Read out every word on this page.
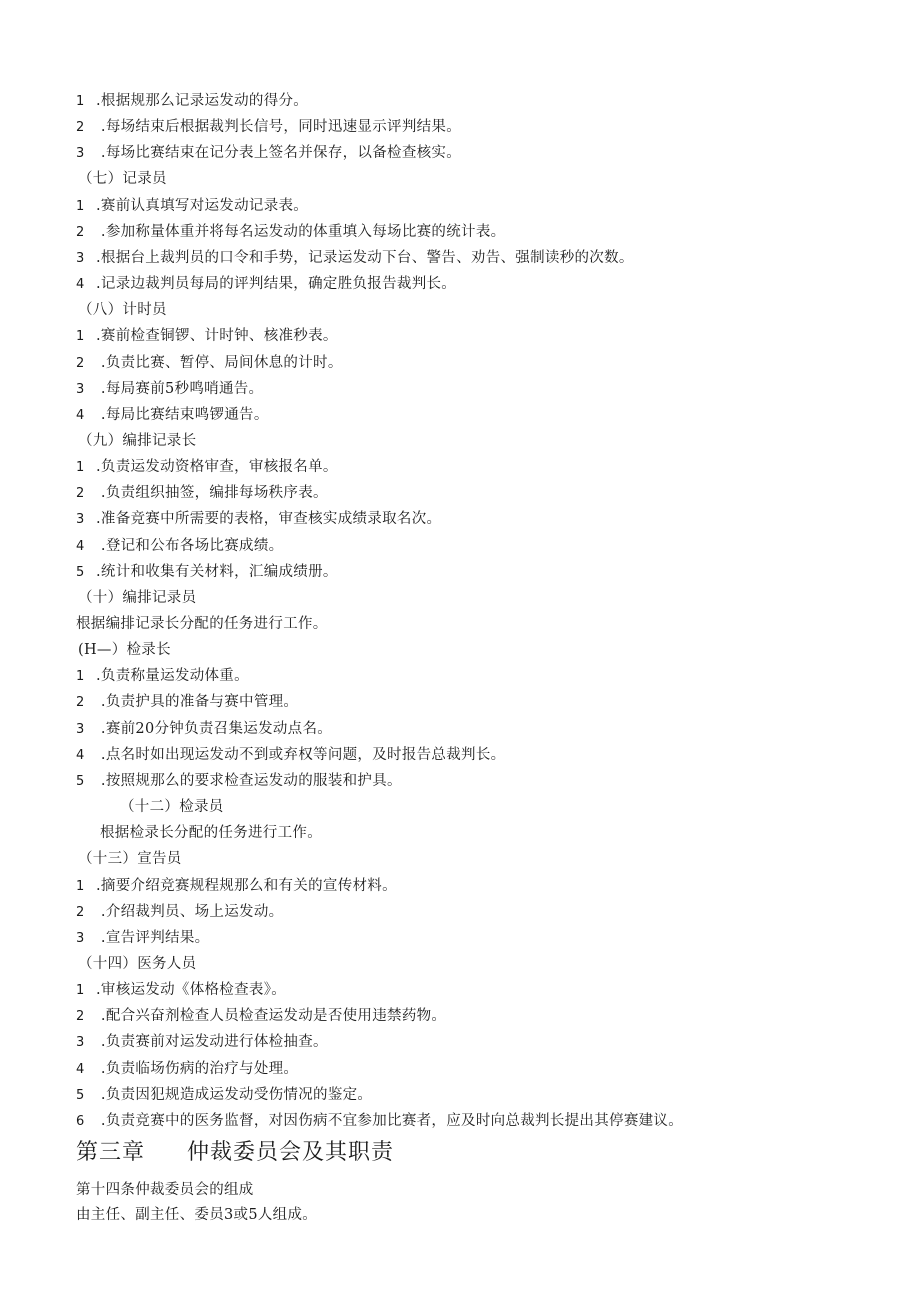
1 .根据规那么记录运发动的得分。
2 .每场结束后根据裁判长信号，同时迅速显示评判结果。
3 .每场比赛结束在记分表上签名并保存，以备检查核实。
（七）记录员
1 .赛前认真填写对运发动记录表。
2 .参加称量体重并将每名运发动的体重填入每场比赛的统计表。
3 .根据台上裁判员的口令和手势，记录运发动下台、警告、劝告、强制读秒的次数。
4 .记录边裁判员每局的评判结果，确定胜负报告裁判长。
（八）计时员
1 .赛前检查铜锣、计时钟、核准秒表。
2 .负责比赛、暂停、局间休息的计时。
3 .每局赛前5秒鸣哨通告。
4 .每局比赛结束鸣锣通告。
（九）编排记录长
1 .负责运发动资格审查，审核报名单。
2 .负责组织抽签，编排每场秩序表。
3 .准备竞赛中所需要的表格，审查核实成绩录取名次。
4 .登记和公布各场比赛成绩。
5 .统计和收集有关材料，汇编成绩册。
（十）编排记录员
根据编排记录长分配的任务进行工作。
(H—）检录长
1 .负责称量运发动体重。
2 .负责护具的准备与赛中管理。
3 .赛前20分钟负责召集运发动点名。
4 .点名时如出现运发动不到或弃权等问题，及时报告总裁判长。
5 .按照规那么的要求检查运发动的服装和护具。
（十二）检录员
根据检录长分配的任务进行工作。
（十三）宣告员
1 .摘要介绍竞赛规程规那么和有关的宣传材料。
2 .介绍裁判员、场上运发动。
3 .宣告评判结果。
（十四）医务人员
1 .审核运发动《体格检查表》。
2 .配合兴奋剂检查人员检查运发动是否使用违禁药物。
3 .负责赛前对运发动进行体检抽查。
4 .负责临场伤病的治疗与处理。
5 .负责因犯规造成运发动受伤情况的鉴定。
6 .负责竞赛中的医务监督，对因伤病不宜参加比赛者，应及时向总裁判长提出其停赛建议。
第三章 仲裁委员会及其职责
第十四条仲裁委员会的组成
由主任、副主任、委员3或5人组成。
